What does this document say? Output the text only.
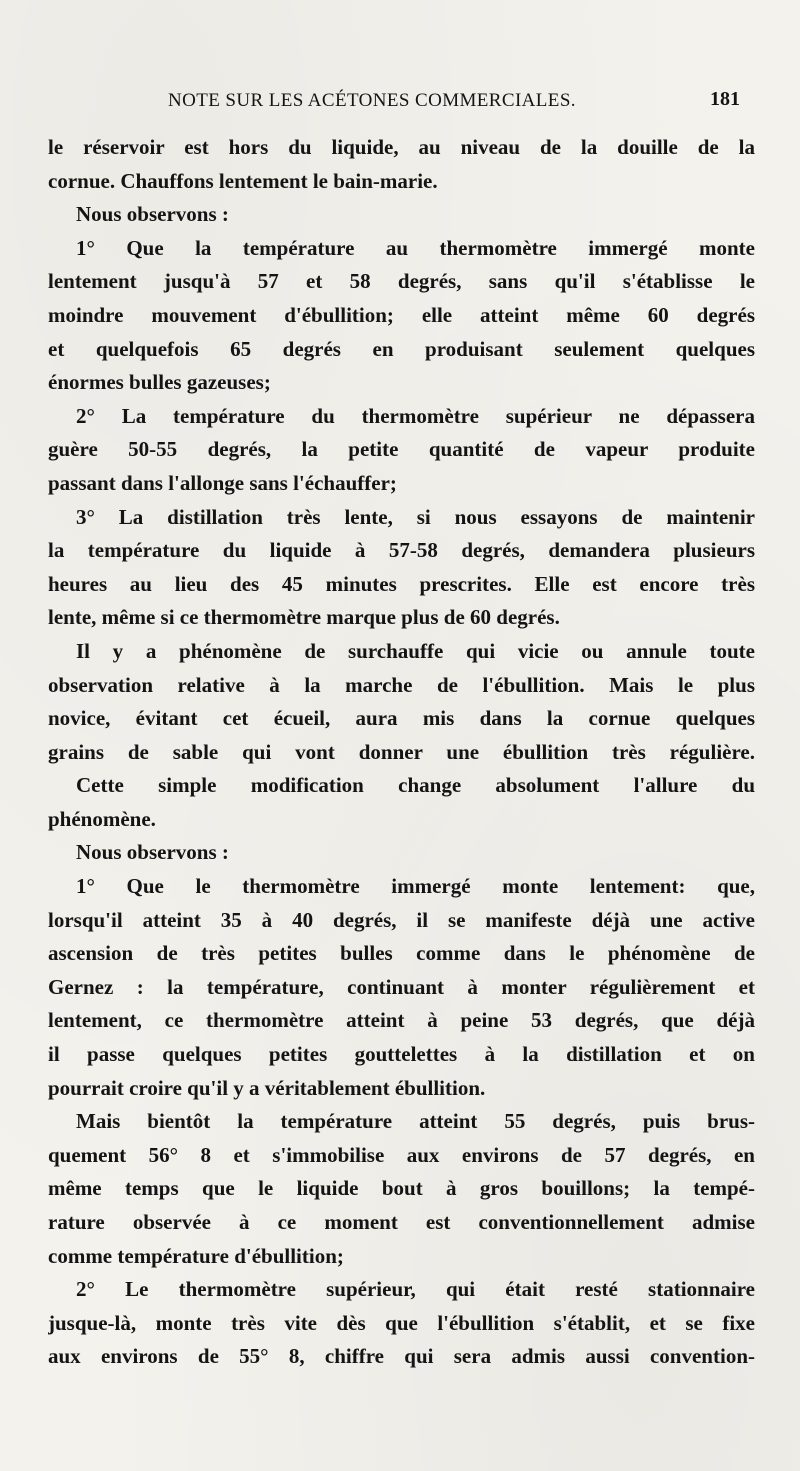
NOTE SUR LES ACÉTONES COMMERCIALES.	181
le réservoir est hors du liquide, au niveau de la douille de la
cornue. Chauffons lentement le bain-marie.
Nous observons :
1° Que la température au thermomètre immergé monte
lentement jusqu'à 57 et 58 degrés, sans qu'il s'établisse le
moindre mouvement d'ébullition; elle atteint même 60 degrés
et quelquefois 65 degrés en produisant seulement quelques
énormes bulles gazeuses;
2° La température du thermomètre supérieur ne dépassera
guère 50-55 degrés, la petite quantité de vapeur produite
passant dans l'allonge sans l'échauffer;
3° La distillation très lente, si nous essayons de maintenir
la température du liquide à 57-58 degrés, demandera plusieurs
heures au lieu des 45 minutes prescrites. Elle est encore très
lente, même si ce thermomètre marque plus de 60 degrés.
Il y a phénomène de surchauffe qui vicie ou annule toute
observation relative à la marche de l'ébullition. Mais le plus
novice, évitant cet écueil, aura mis dans la cornue quelques
grains de sable qui vont donner une ébullition très régulière.
Cette simple modification change absolument l'allure du
phénomène.
Nous observons :
1° Que le thermomètre immergé monte lentement: que,
lorsqu'il atteint 35 à 40 degrés, il se manifeste déjà une active
ascension de très petites bulles comme dans le phénomène de
Gernez : la température, continuant à monter régulièrement et
lentement, ce thermomètre atteint à peine 53 degrés, que déjà
il passe quelques petites gouttelettes à la distillation et on
pourrait croire qu'il y a véritablement ébullition.
Mais bientôt la température atteint 55 degrés, puis brus-
quement 56° 8 et s'immobilise aux environs de 57 degrés, en
même temps que le liquide bout à gros bouillons; la tempé-
rature observée à ce moment est conventionnellement admise
comme température d'ébullition;
2° Le thermomètre supérieur, qui était resté stationnaire
jusque-là, monte très vite dès que l'ébullition s'établit, et se fixe
aux environs de 55° 8, chiffre qui sera admis aussi convention-
